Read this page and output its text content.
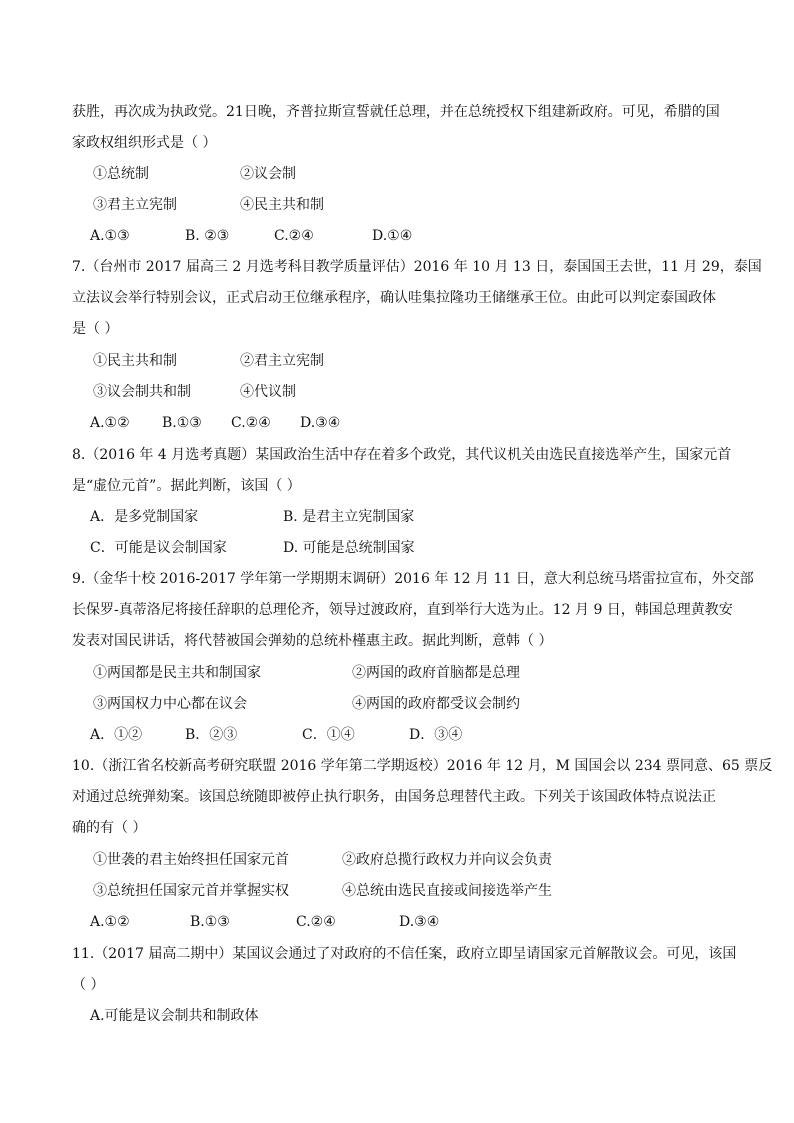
获胜，再次成为执政党。21日晚，齐普拉斯宣誓就任总理，并在总统授权下组建新政府。可见，希腊的国
家政权组织形式是（ ）
①总统制	②议会制
③君主立宪制	④民主共和制
A.①③	B. ②③	C.②④	D.①④
7.（台州市 2017 届高三 2 月选考科目教学质量评估）2016 年 10 月 13 日，泰国国王去世，11 月 29，泰国
立法议会举行特别会议，正式启动王位继承程序，确认哇集拉隆功王储继承王位。由此可以判定泰国政体
是（ ）
①民主共和制	②君主立宪制
③议会制共和制	④代议制
A.①② B.①③ C.②④ D.③④
8.（2016 年 4 月选考真题）某国政治生活中存在着多个政党，其代议机关由选民直接选举产生，国家元首
是“虚位元首”。据此判断，该国（ ）
A．是多党制国家	B. 是君主立宪制国家
C．可能是议会制国家	D. 可能是总统制国家
9.（金华十校 2016-2017 学年第一学期期末调研）2016 年 12 月 11 日，意大利总统马塔雷拉宣布，外交部
长保罗-真蒂洛尼将接任辞职的总理伦齐，领导过渡政府，直到举行大选为止。12 月 9 日，韩国总理黄教安
发表对国民讲话，将代替被国会弹劾的总统朴槿惠主政。据此判断，意韩（ ）
①两国都是民主共和制国家	②两国的政府首脑都是总理
③两国权力中心都在议会	④两国的政府都受议会制约
A．①②	B．②③	C．①④	D．③④
10.（浙江省名校新高考研究联盟 2016 学年第二学期返校）2016 年 12 月，M 国国会以 234 票同意、65 票反
对通过总统弹劾案。该国总统随即被停止执行职务，由国务总理替代主政。下列关于该国政体特点说法正
确的有（ ）
①世袭的君主始终担任国家元首	②政府总揽行政权力并向议会负责
③总统担任国家元首并掌握实权	④总统由选民直接或间接选举产生
A.①②	B.①③	C.②④	D.③④
11.（2017 届高二期中）某国议会通过了对政府的不信任案，政府立即呈请国家元首解散议会。可见，该国
（ ）
A.可能是议会制共和制政体
